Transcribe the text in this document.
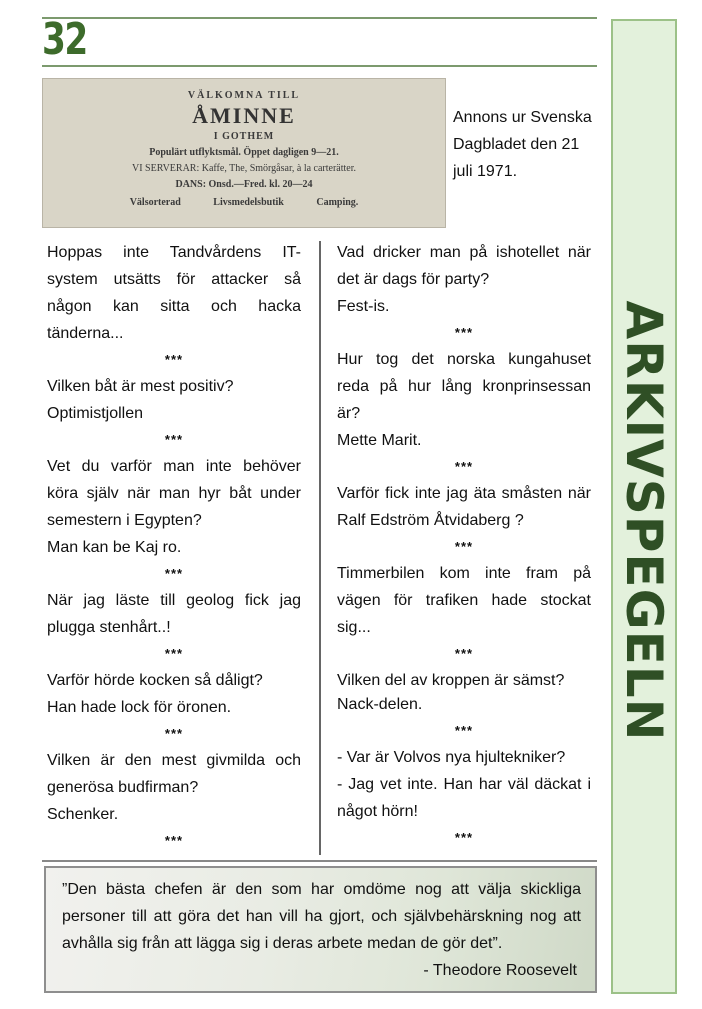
32
ARKIVSPEGELN
VÄLKOMNA TILL
ÅMINNE
I GOTHEM
Populärt utflyktsmål. Öppet dagligen 9—21.
VI SERVERAR: Kaffe, The, Smörgåsar, à la carterätter.
DANS: Onsd.—Fred. kl. 20—24
Välsorterad Livsmedelsbutik Camping.
Annons ur Svenska Dagbladet den 21 juli 1971.

Hoppas inte Tandvårdens IT-system utsätts för attacker så någon kan sitta och hacka tänderna...

***

Vilken båt är mest positiv?

Optimistjollen

***

Vet du varför man inte behöver köra själv när man hyr båt under semestern i Egypten?

Man kan be Kaj ro.

***

När jag läste till geolog fick jag plugga stenhårt..!

***

Varför hörde kocken så dåligt?

Han hade lock för öronen.

***

Vilken är den mest givmilda och generösa budfirman?

Schenker.

***

Vad dricker man på ishotellet när det är dags för party?

Fest-is.

***

Hur tog det norska kungahuset reda på hur lång kronprinsessan är?

Mette Marit.

***

Varför fick inte jag äta småsten när Ralf Edström Åtvidaberg ?

***

Timmerbilen kom inte fram på vägen för trafiken hade stockat sig...

***

Vilken del av kroppen är sämst?

Nack-delen.

***

- Var är Volvos nya hjultekniker?

- Jag vet inte. Han har väl däckat i något hörn!

***
”Den bästa chefen är den som har omdöme nog att välja skickliga personer till att göra det han vill ha gjort, och självbehärskning nog att avhålla sig från att lägga sig i deras arbete medan de gör det”.
- Theodore Roosevelt
